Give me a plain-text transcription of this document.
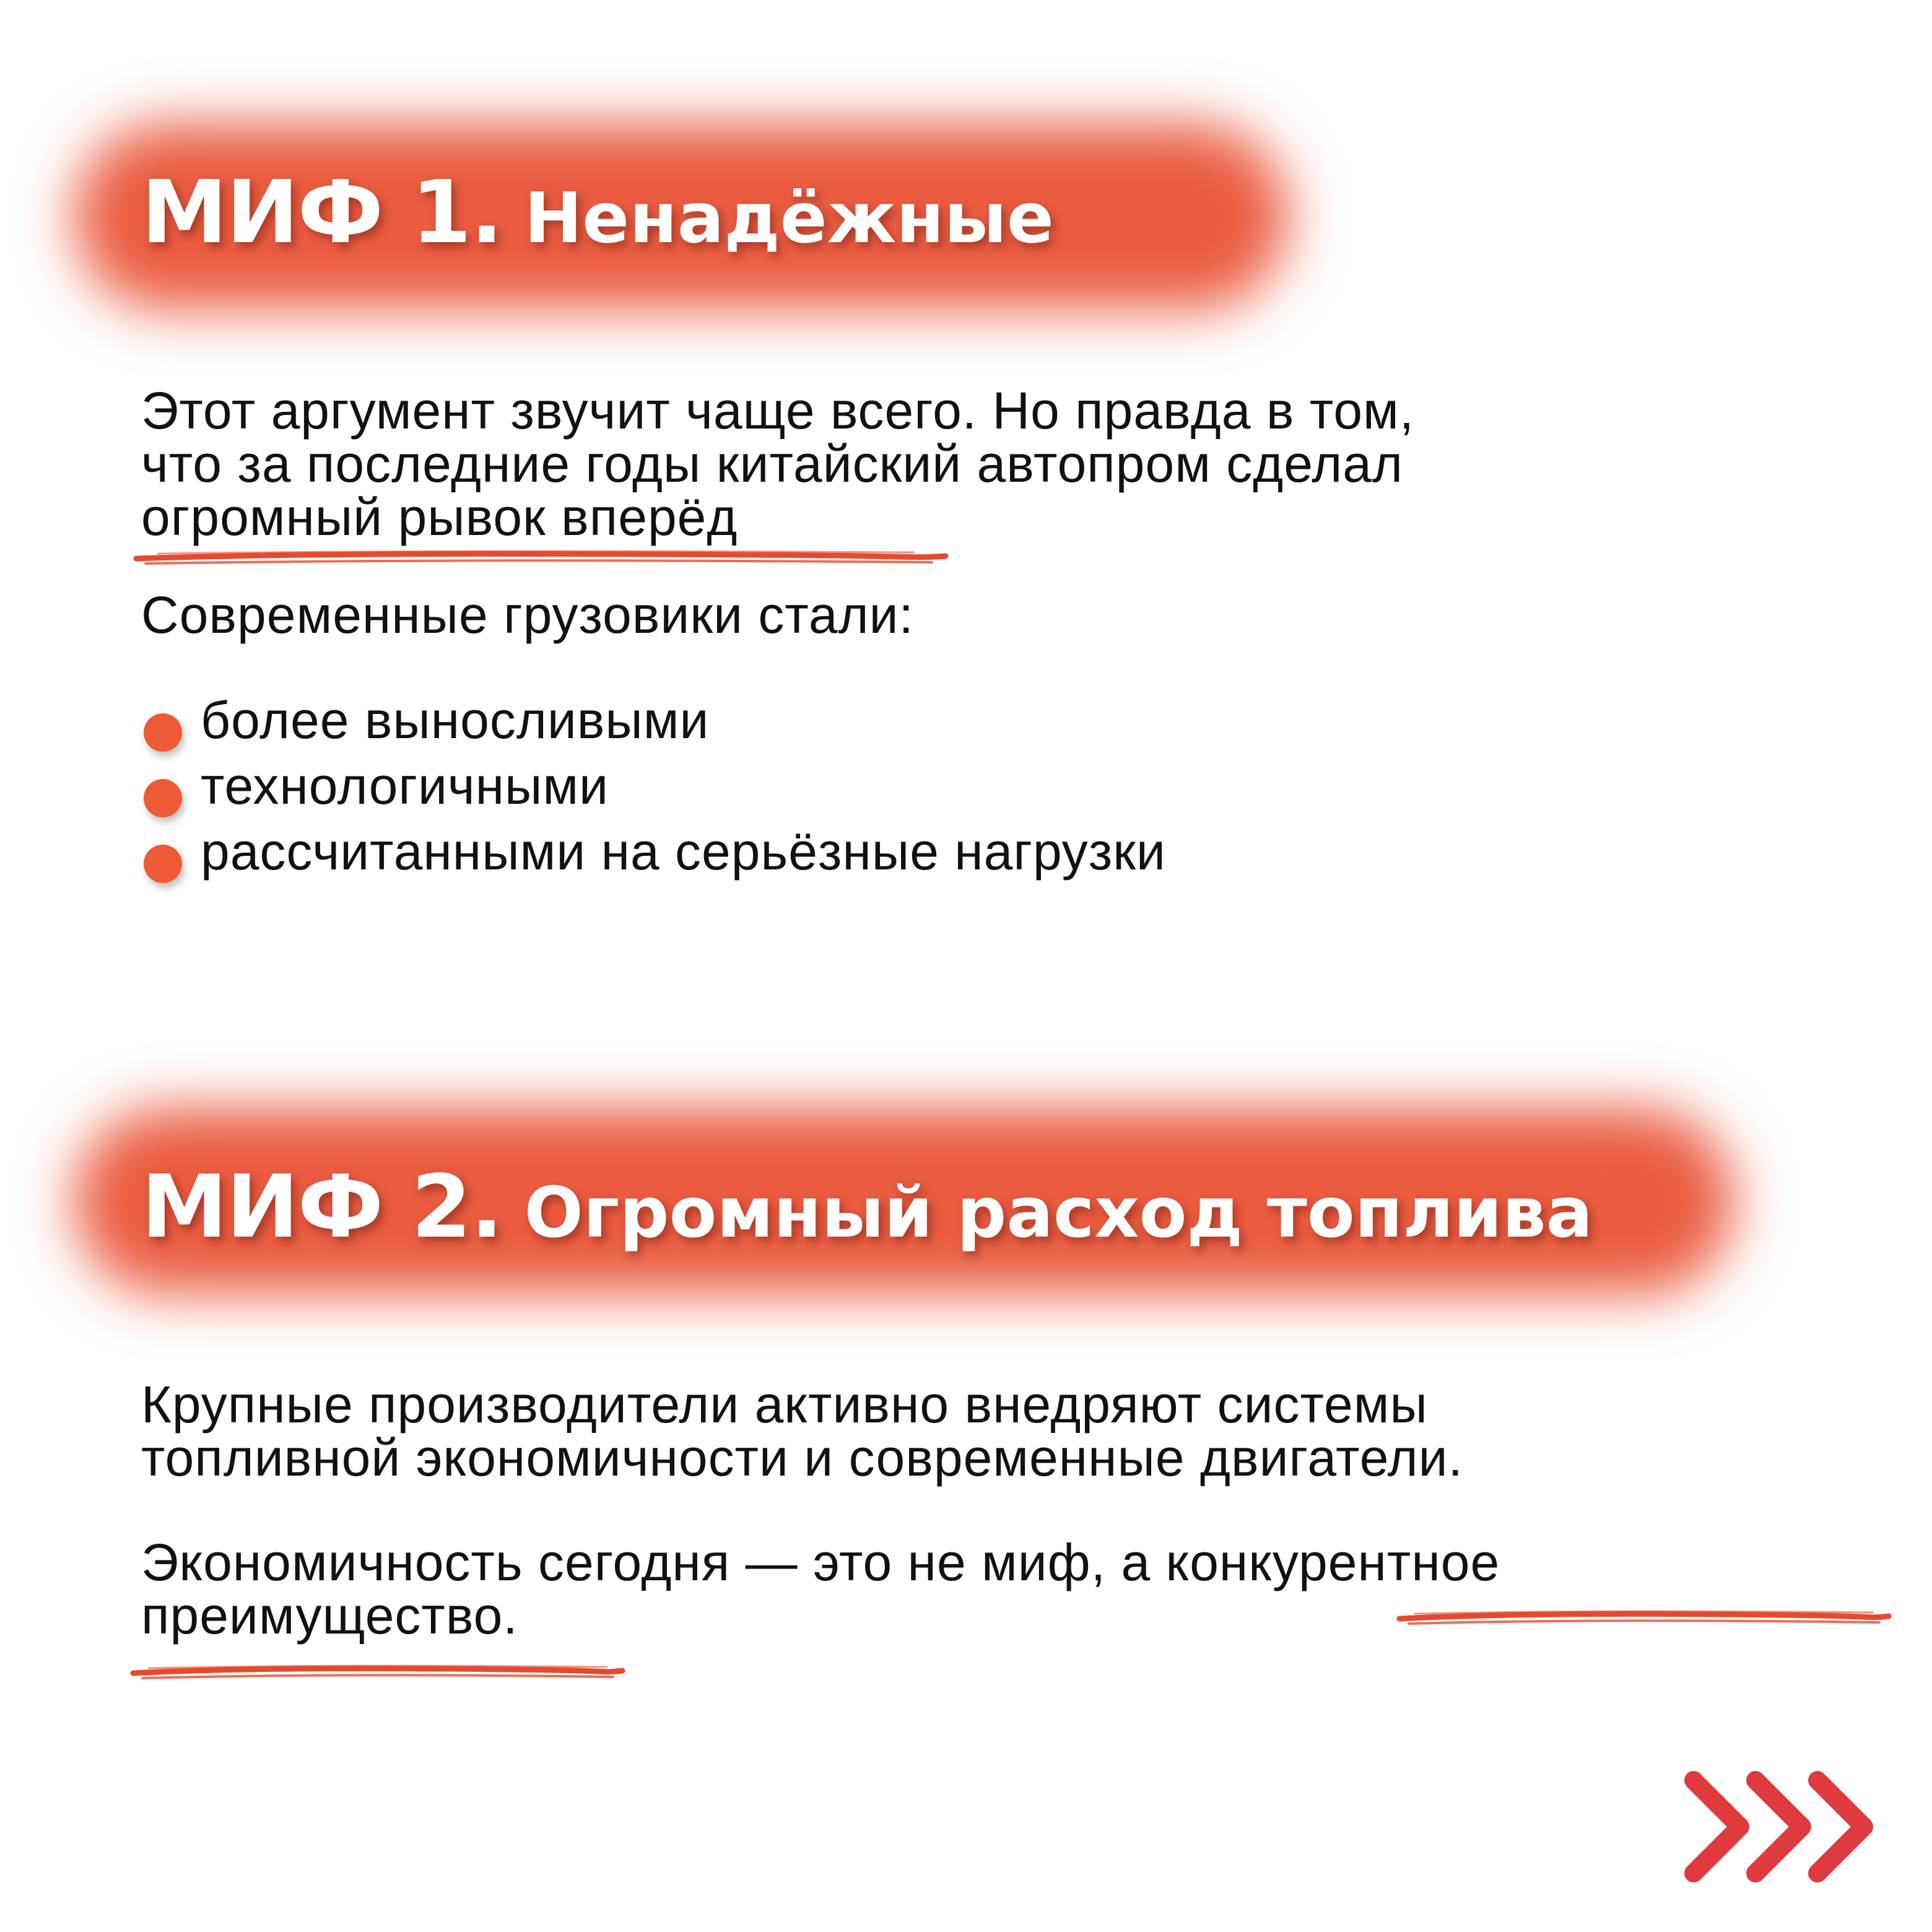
МИФ 1. Ненадёжные

Этот аргумент звучит чаще всего. Но правда в том,
что за последние годы китайский автопром сделал
огромный рывок вперёд

Современные грузовики стали:

более выносливыми
технологичными
рассчитанными на серьёзные нагрузки
МИФ 2. Огромный расход топлива

Крупные производители активно внедряют системы
топливной экономичности и современные двигатели.

Экономичность сегодня — это не миф, а конкурентное
преимущество.
